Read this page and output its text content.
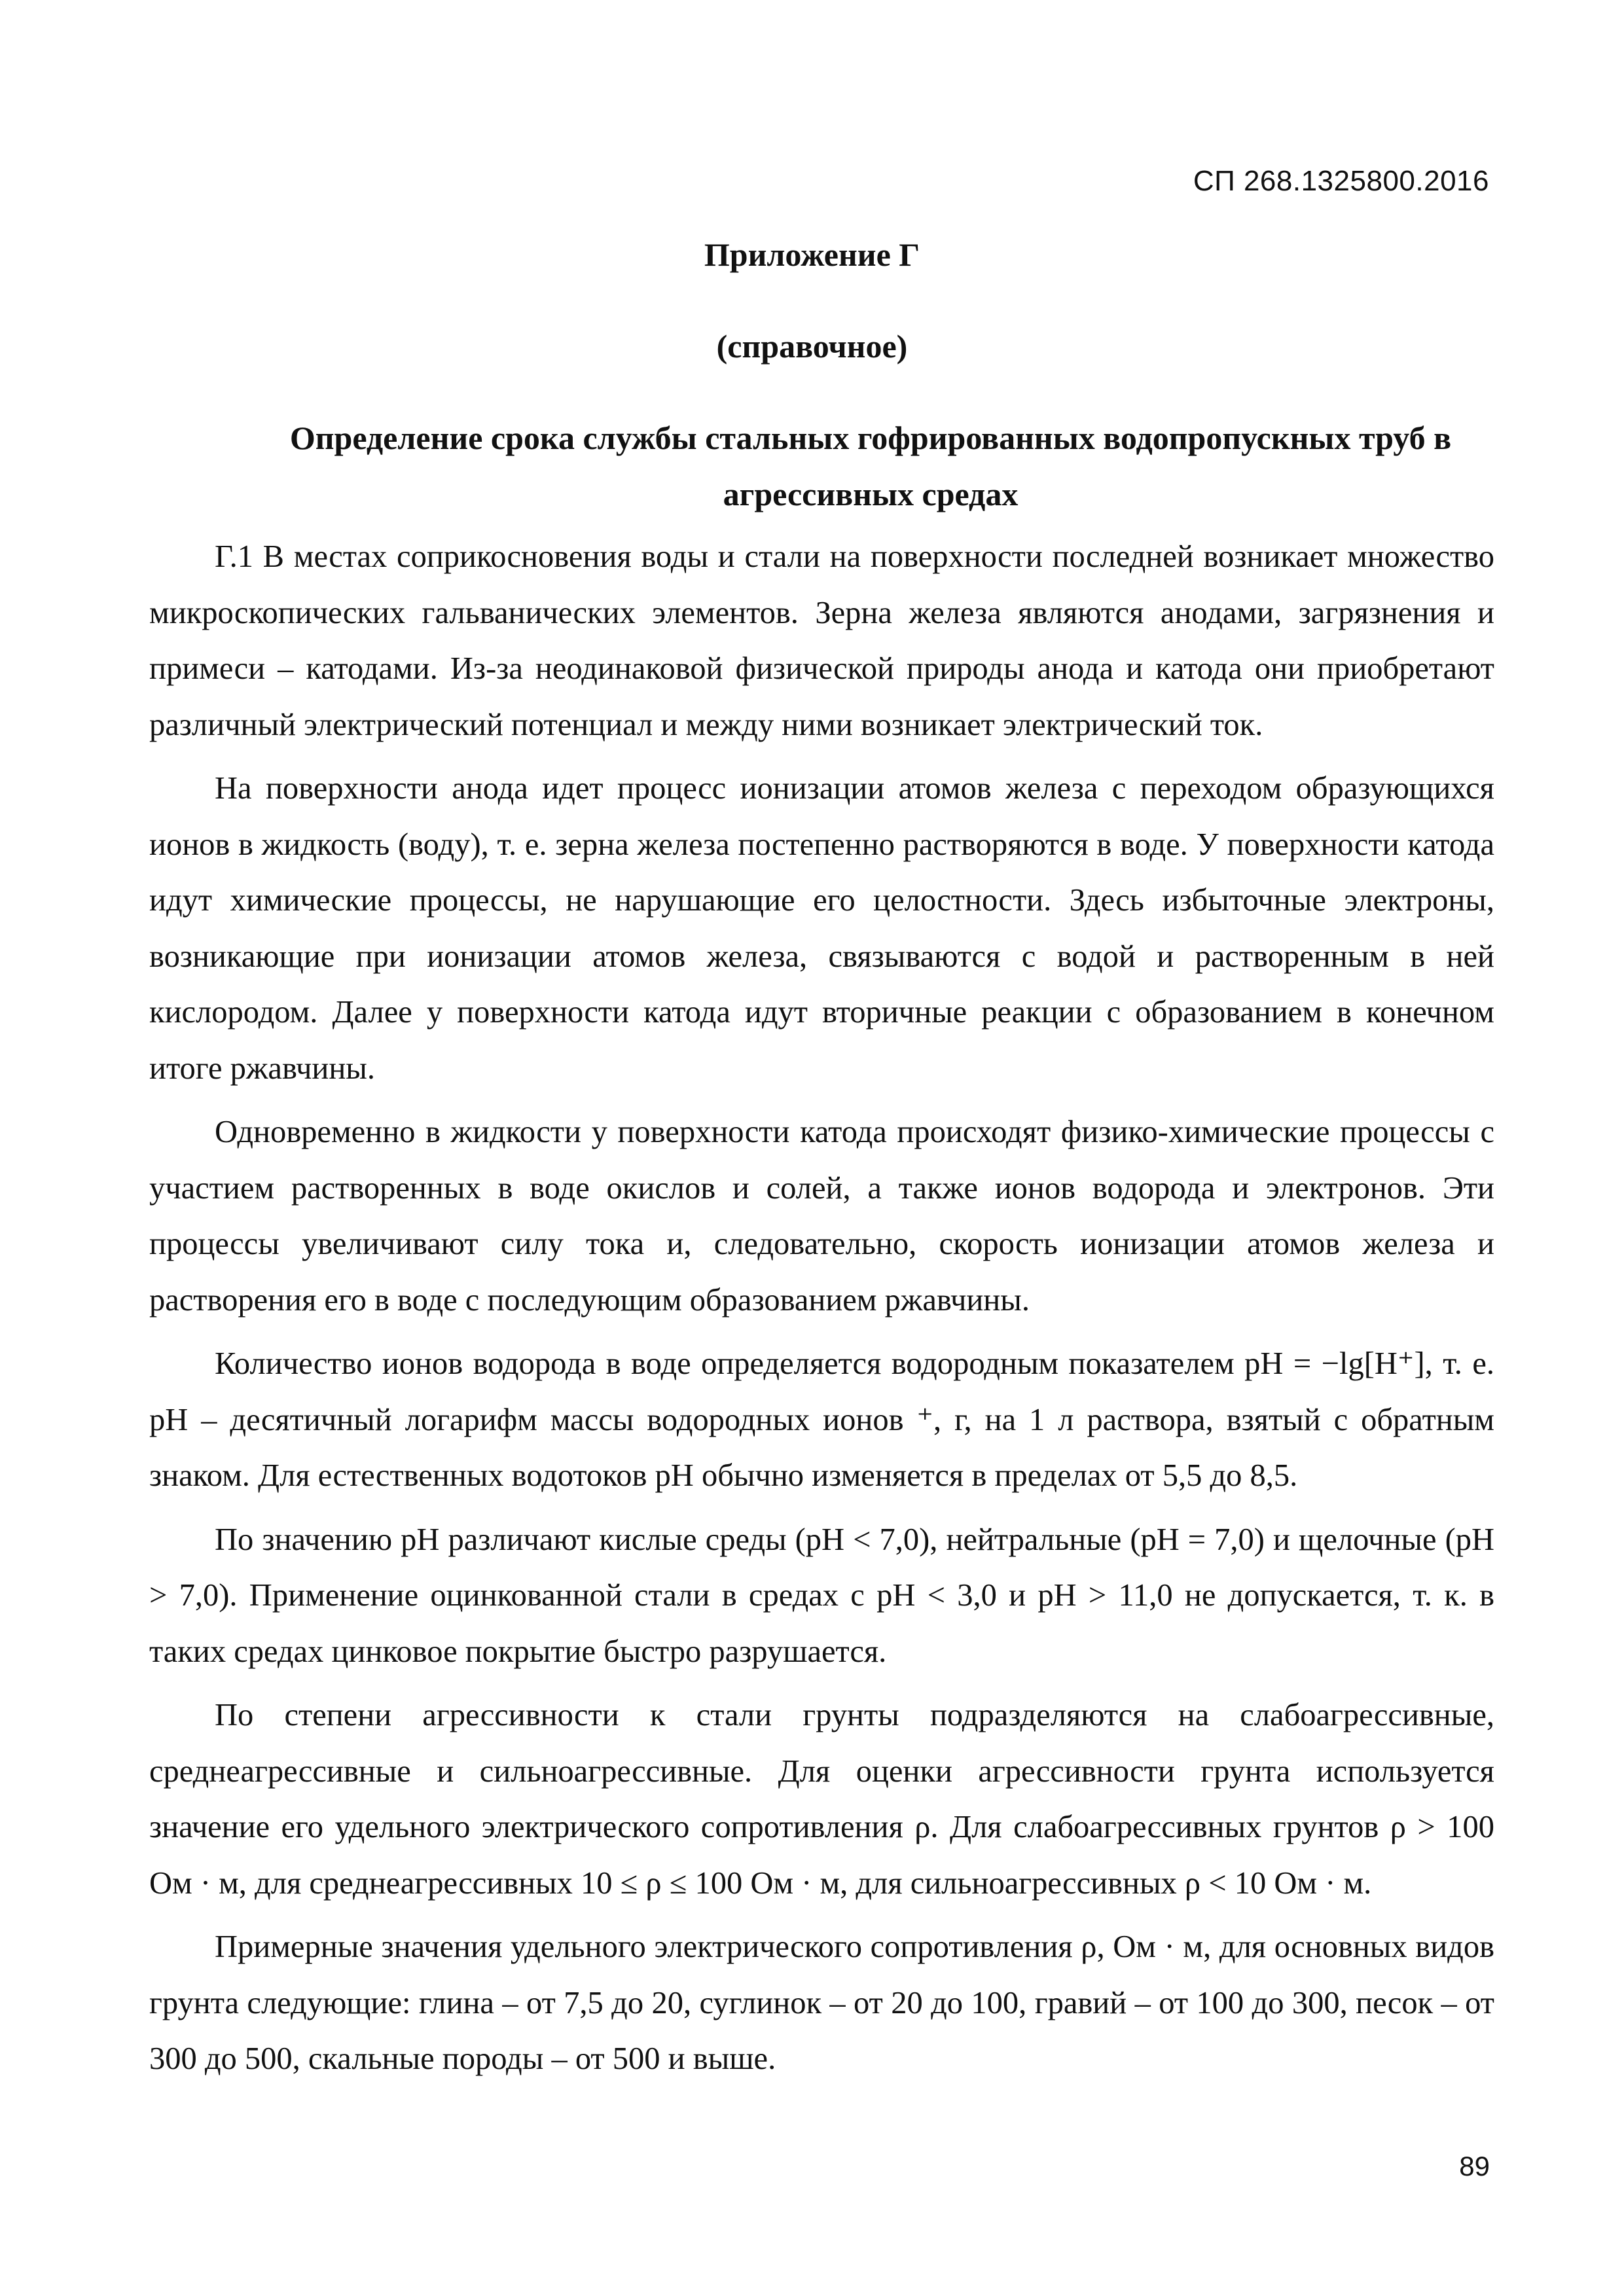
СП 268.1325800.2016
Приложение Г
(справочное)
Определение срока службы стальных гофрированных водопропускных труб в агрессивных средах

Г.1 В местах соприкосновения воды и стали на поверхности последней возникает множество микроскопических гальванических элементов. Зерна железа являются анодами, загрязнения и примеси – катодами. Из-за неодинаковой физической природы анода и катода они приобретают различный электрический потенциал и между ними возникает электрический ток.

На поверхности анода идет процесс ионизации атомов железа с переходом образующихся ионов в жидкость (воду), т. е. зерна железа постепенно растворяются в воде. У поверхности катода идут химические процессы, не нарушающие его целостности. Здесь избыточные электроны, возникающие при ионизации атомов железа, связываются с водой и растворенным в ней кислородом. Далее у поверхности катода идут вторичные реакции с образованием в конечном итоге ржавчины.

Одновременно в жидкости у поверхности катода происходят физико-химические процессы с участием растворенных в воде окислов и солей, а также ионов водорода и электронов. Эти процессы увеличивают силу тока и, следовательно, скорость ионизации атомов железа и растворения его в воде с последующим образованием ржавчины.

Количество ионов водорода в воде определяется водородным показателем pH = −lg[H⁺], т. е. pH – десятичный логарифм массы водородных ионов ⁺, г, на 1 л раствора, взятый с обратным знаком. Для естественных водотоков pH обычно изменяется в пределах от 5,5 до 8,5.

По значению pH различают кислые среды (pH < 7,0), нейтральные (pH = 7,0) и щелочные (pH > 7,0). Применение оцинкованной стали в средах с pH < 3,0 и pH > 11,0 не допускается, т. к. в таких средах цинковое покрытие быстро разрушается.

По степени агрессивности к стали грунты подразделяются на слабоагрессивные, среднеагрессивные и сильноагрессивные. Для оценки агрессивности грунта используется значение его удельного электрического сопротивления ρ. Для слабоагрессивных грунтов ρ > 100 Ом · м, для среднеагрессивных 10 ≤ ρ ≤ 100 Ом · м, для сильноагрессивных ρ < 10 Ом · м.

Примерные значения удельного электрического сопротивления ρ, Ом · м, для основных видов грунта следующие: глина – от 7,5 до 20, суглинок – от 20 до 100, гравий – от 100 до 300, песок – от 300 до 500, скальные породы – от 500 и выше.

89
